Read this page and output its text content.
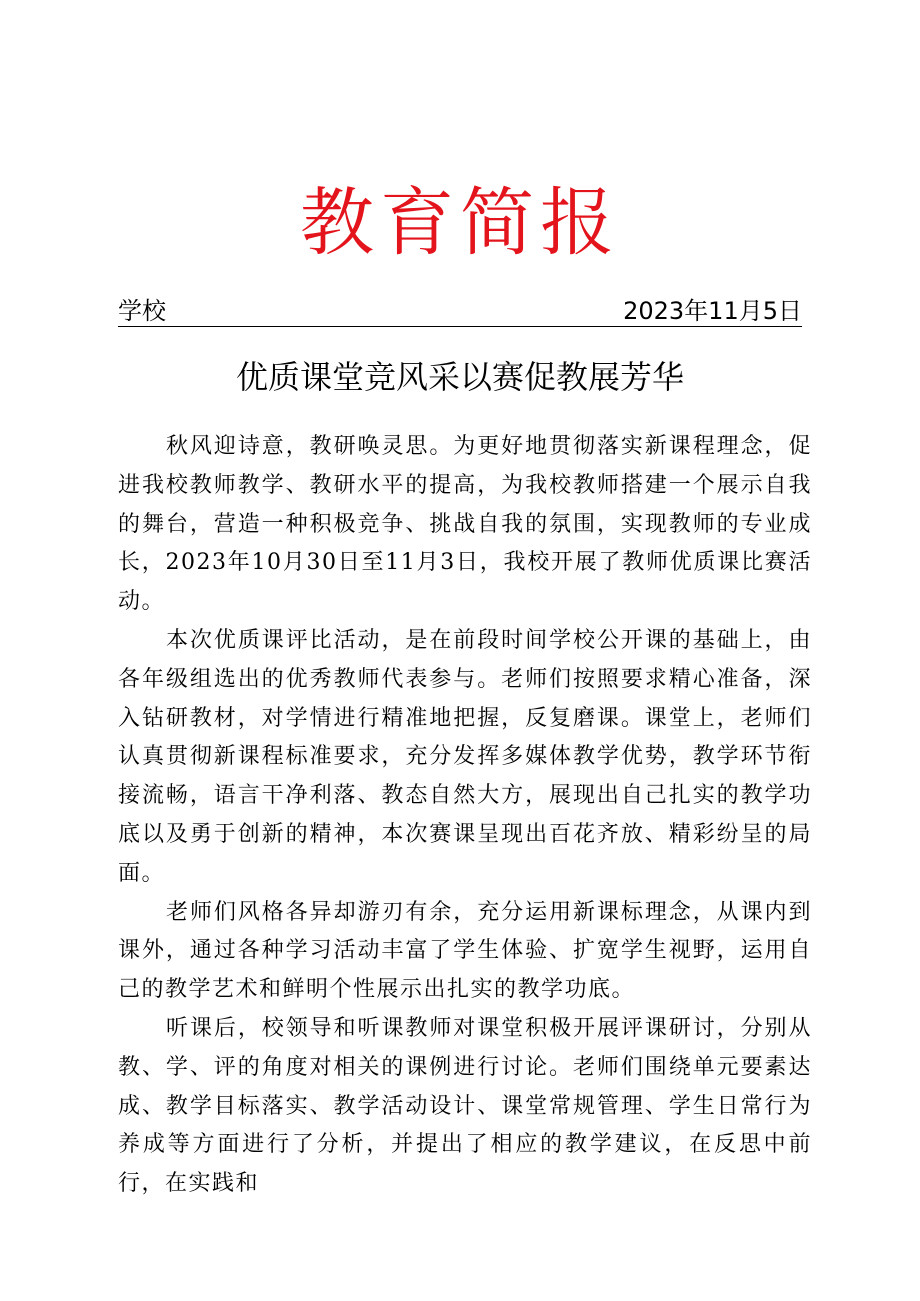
教育简报
学校	2023年11月5日
优质课堂竞风采以赛促教展芳华

秋风迎诗意，教研唤灵思。为更好地贯彻落实新课程理念，促进我校教师教学、教研水平的提高，为我校教师搭建一个展示自我的舞台，营造一种积极竞争、挑战自我的氛围，实现教师的专业成长，2023年10月30日至11月3日，我校开展了教师优质课比赛活动。

本次优质课评比活动，是在前段时间学校公开课的基础上，由各年级组选出的优秀教师代表参与。老师们按照要求精心准备，深入钻研教材，对学情进行精准地把握，反复磨课。课堂上，老师们认真贯彻新课程标准要求，充分发挥多媒体教学优势，教学环节衔接流畅，语言干净利落、教态自然大方，展现出自己扎实的教学功底以及勇于创新的精神，本次赛课呈现出百花齐放、精彩纷呈的局面。

老师们风格各异却游刃有余，充分运用新课标理念，从课内到课外，通过各种学习活动丰富了学生体验、扩宽学生视野，运用自己的教学艺术和鲜明个性展示出扎实的教学功底。

听课后，校领导和听课教师对课堂积极开展评课研讨，分别从教、学、评的角度对相关的课例进行讨论。老师们围绕单元要素达成、教学目标落实、教学活动设计、课堂常规管理、学生日常行为养成等方面进行了分析，并提出了相应的教学建议，在反思中前行，在实践和
